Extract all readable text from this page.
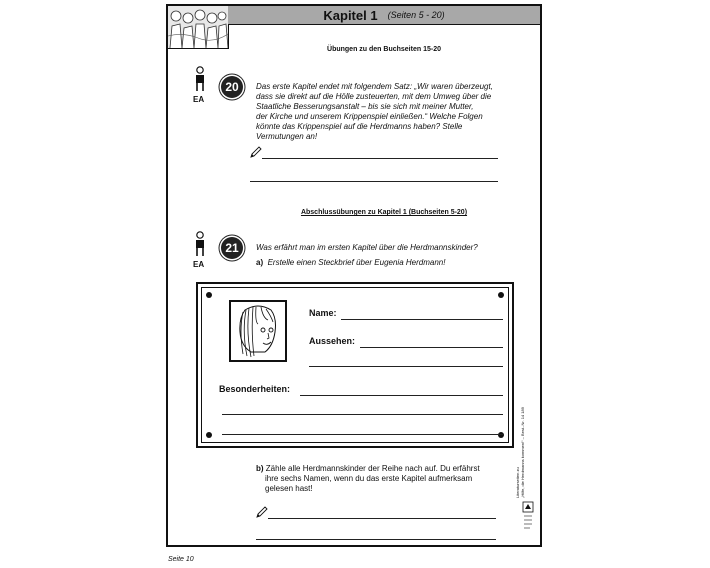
Kapitel 1 (Seiten 5 - 20)
Übungen zu den Buchseiten 15-20
EA
20	Das erste Kapitel endet mit folgendem Satz: „Wir waren überzeugt,
dass sie direkt auf die Hölle zusteuerten, mit dem Umweg über die
Staatliche Besserungsanstalt – bis sie sich mit meiner Mutter,
der Kirche und unserem Krippenspiel einließen.“ Welche Folgen
könnte das Krippenspiel auf die Herdmanns haben? Stelle
Vermutungen an!
Abschlussübungen zu Kapitel 1 (Buchseiten 5-20)
EA
21	Was erfährt man im ersten Kapitel über die Herdmannskinder?
a) Erstelle einen Steckbrief über Eugenia Herdmann!
Name:
Aussehen:
Besonderheiten:
b) Zähle alle Herdmannskinder der Reihe nach auf. Du erfährst
ihre sechs Namen, wenn du das erste Kapitel aufmerksam
gelesen hast!
Seite 10
